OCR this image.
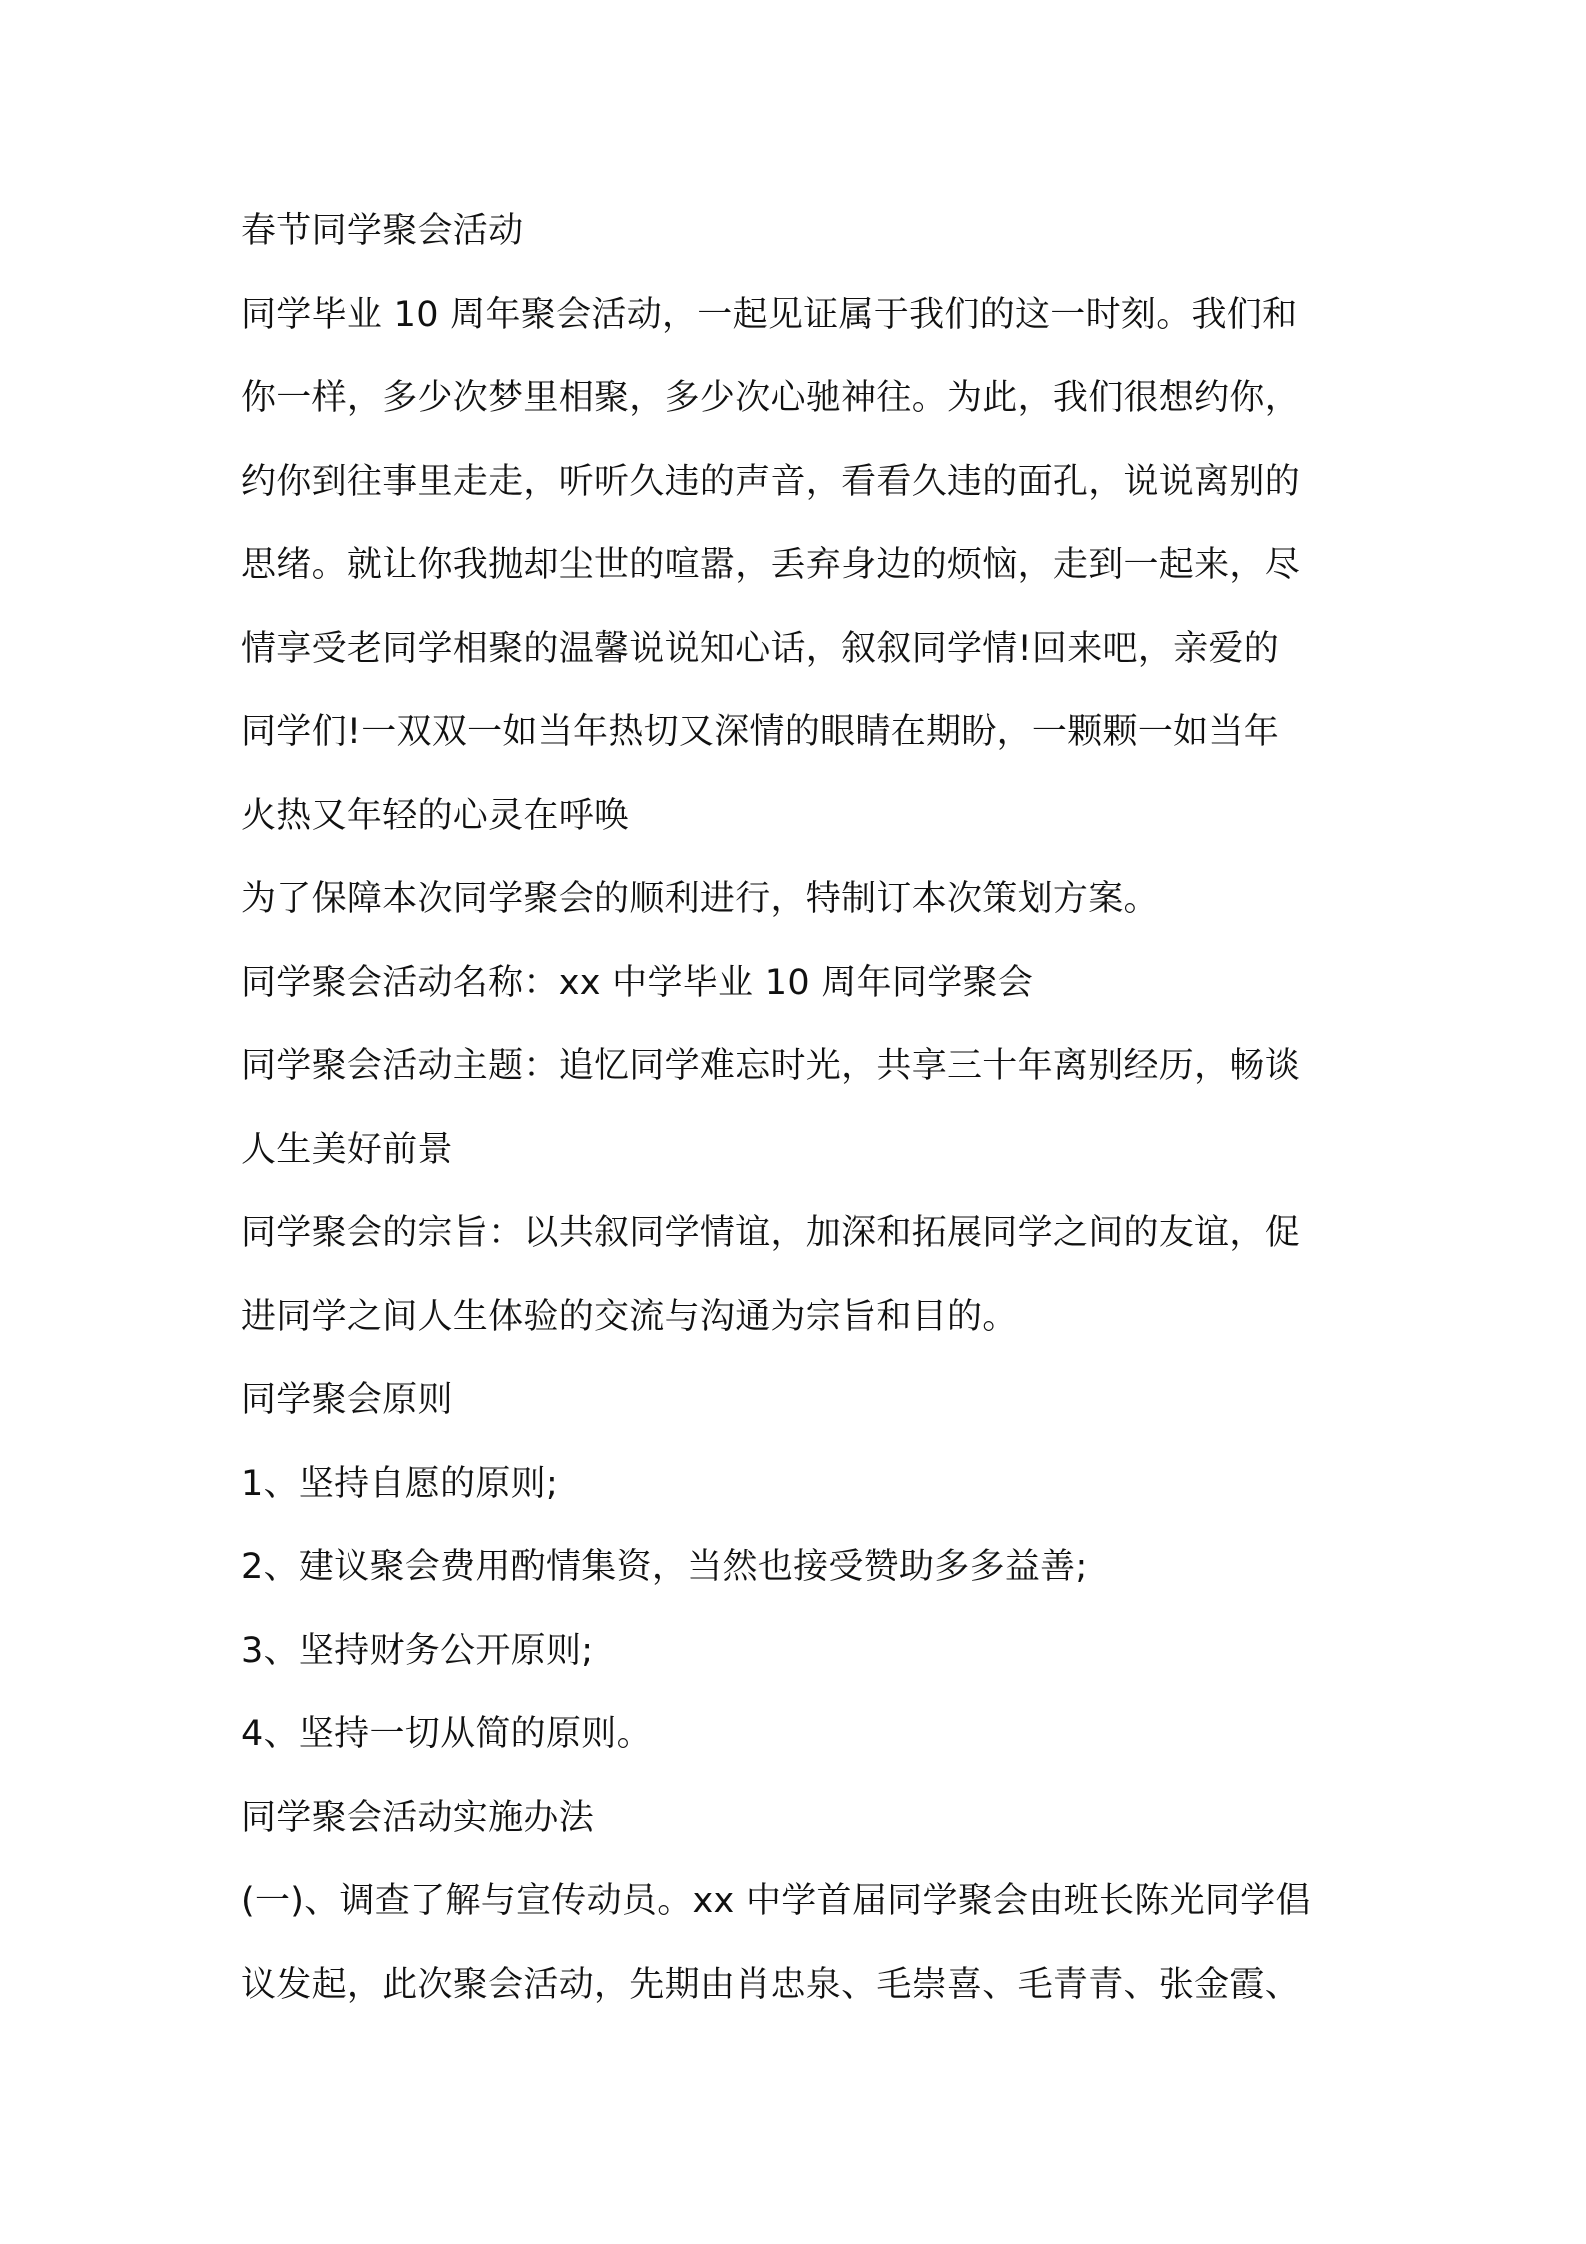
春节同学聚会活动
同学毕业 10 周年聚会活动，一起见证属于我们的这一时刻。我们和
你一样，多少次梦里相聚，多少次心驰神往。为此，我们很想约你，
约你到往事里走走，听听久违的声音，看看久违的面孔，说说离别的
思绪。就让你我抛却尘世的喧嚣，丢弃身边的烦恼，走到一起来，尽
情享受老同学相聚的温馨说说知心话，叙叙同学情!回来吧，亲爱的
同学们!一双双一如当年热切又深情的眼睛在期盼，一颗颗一如当年
火热又年轻的心灵在呼唤
为了保障本次同学聚会的顺利进行，特制订本次策划方案。
同学聚会活动名称：xx 中学毕业 10 周年同学聚会
同学聚会活动主题：追忆同学难忘时光，共享三十年离别经历，畅谈
人生美好前景
同学聚会的宗旨：以共叙同学情谊，加深和拓展同学之间的友谊，促
进同学之间人生体验的交流与沟通为宗旨和目的。
同学聚会原则
1、坚持自愿的原则;
2、建议聚会费用酌情集资，当然也接受赞助多多益善;
3、坚持财务公开原则;
4、坚持一切从简的原则。
同学聚会活动实施办法
(一)、调查了解与宣传动员。xx 中学首届同学聚会由班长陈光同学倡
议发起，此次聚会活动，先期由肖忠泉、毛崇喜、毛青青、张金霞、
